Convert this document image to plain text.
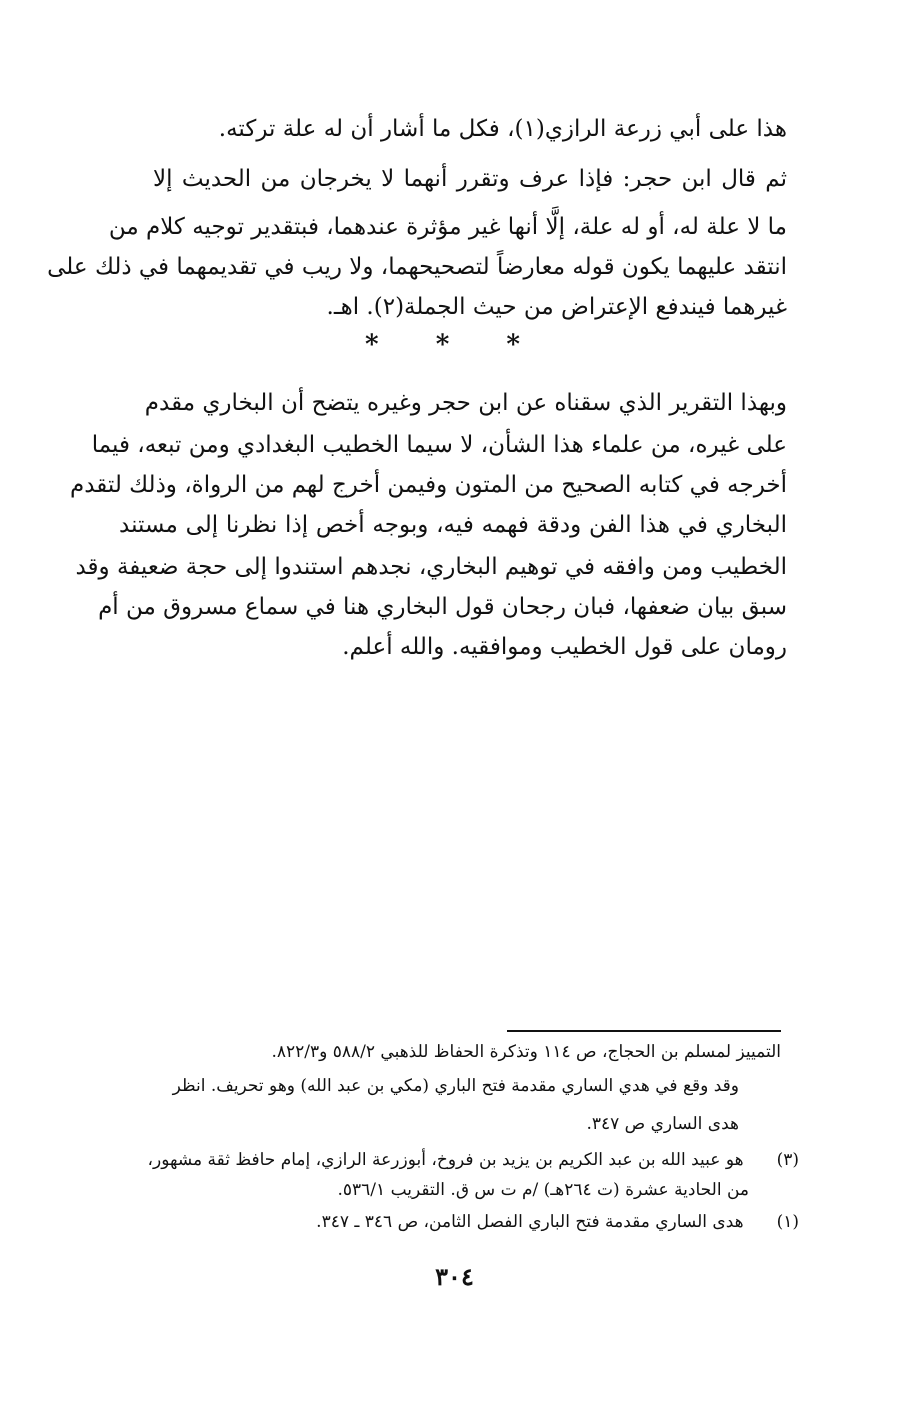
هذا على أبي زرعة الرازي(١)، فكل ما أشار أن له علة تركته.
ثم قال ابن حجر: فإذا عرف وتقرر أنهما لا يخرجان من الحديث إلا
ما لا علة له، أو له علة، إلَّا أنها غير مؤثرة عندهما، فبتقدير توجيه كلام من
انتقد عليهما يكون قوله معارضاً لتصحيحهما، ولا ريب في تقديمهما في ذلك على
غيرهما فيندفع الإعتراض من حيث الجملة(٢). اهـ.
* * *
وبهذا التقرير الذي سقناه عن ابن حجر وغيره يتضح أن البخاري مقدم
على غيره، من علماء هذا الشأن، لا سيما الخطيب البغدادي ومن تبعه، فيما
أخرجه في كتابه الصحيح من المتون وفيمن أخرج لهم من الرواة، وذلك لتقدم
البخاري في هذا الفن ودقة فهمه فيه، وبوجه أخص إذا نظرنا إلى مستند
الخطيب ومن وافقه في توهيم البخاري، نجدهم استندوا إلى حجة ضعيفة وقد
سبق بيان ضعفها، فبان رجحان قول البخاري هنا في سماع مسروق من أم
رومان على قول الخطيب وموافقيه. والله أعلم.
التمييز لمسلم بن الحجاج، ص ١١٤ وتذكرة الحفاظ للذهبي ٥٨٨/٢ و٨٢٢/٣.
وقد وقع في هدي الساري مقدمة فتح الباري (مكي بن عبد الله) وهو تحريف. انظر
هدى الساري ص ٣٤٧.
(٣) هو عبيد الله بن عبد الكريم بن يزيد بن فروخ، أبوزرعة الرازي، إمام حافظ ثقة مشهور،
من الحادية عشرة (ت ٢٦٤هـ) /م ت س ق. التقريب ٥٣٦/١.
(١) هدى الساري مقدمة فتح الباري الفصل الثامن، ص ٣٤٦ ـ ٣٤٧.
٣٠٤
